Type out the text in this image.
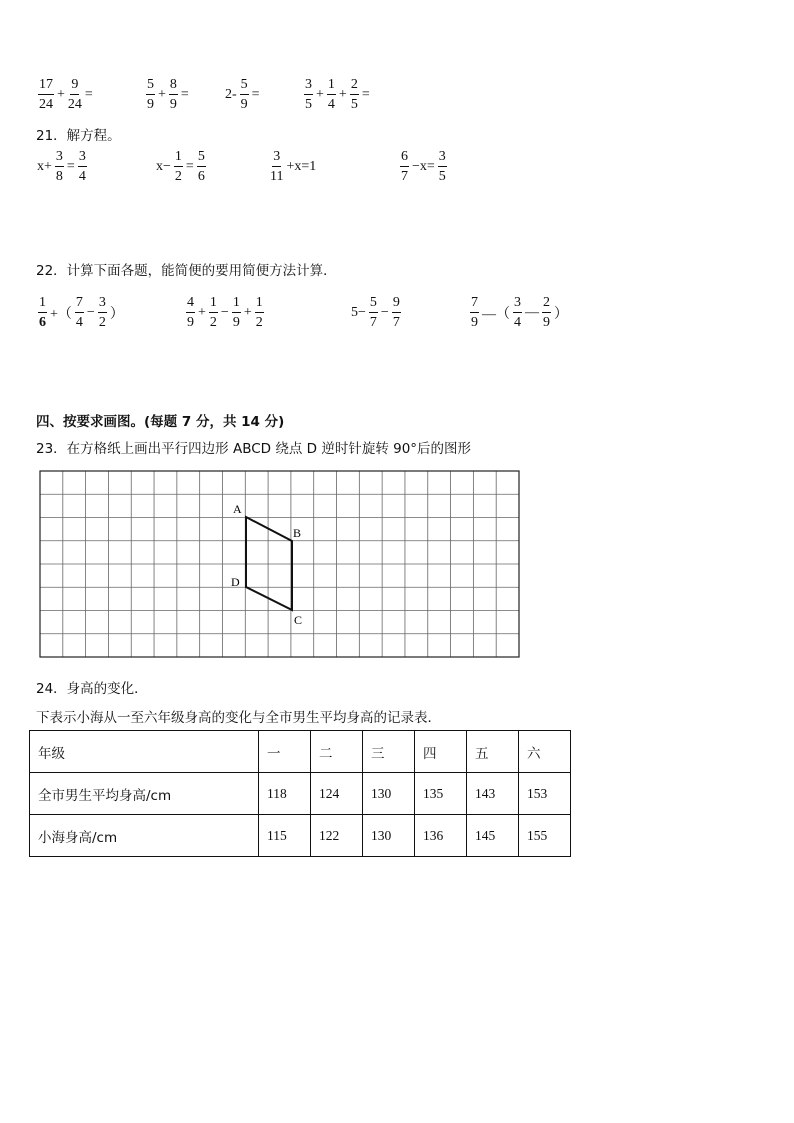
$\frac{17}{24} + \frac{9}{24}$ =	$\frac{5}{9} + \frac{8}{9}$ =	$2- \frac{5}{9}$ =	$\frac{3}{5} + \frac{1}{4} + \frac{2}{5}$ =
21．解方程。
$x+ \frac{3}{8} = \frac{3}{4}$	$x- \frac{1}{2} = \frac{5}{6}$	$\frac{3}{11} +x=1$	$\frac{6}{7} -x= \frac{3}{5}$
22．计算下面各题，能简便的要用简便方法计算．
$\frac{1}{6}$ +（ $\frac{7}{4} - \frac{3}{2}$ ）	$\frac{4}{9} + \frac{1}{2} - \frac{1}{9} + \frac{1}{2}$	$5- \frac{5}{7} - \frac{9}{7}$	$\frac{7}{9}$ —（ $\frac{3}{4}$ — $\frac{2}{9}$ ）
四、按要求画图。(每题 7 分，共 14 分)
23．在方格纸上画出平行四边形 ABCD 绕点 D 逆时针旋转 90°后的图形
A
B
C
D
24．身高的变化．
下表示小海从一至六年级身高的变化与全市男生平均身高的记录表．
年级	一	二	三	四	五	六
全市男生平均身高/cm	118	124	130	135	143	153
小海身高/cm	115	122	130	136	145	155
